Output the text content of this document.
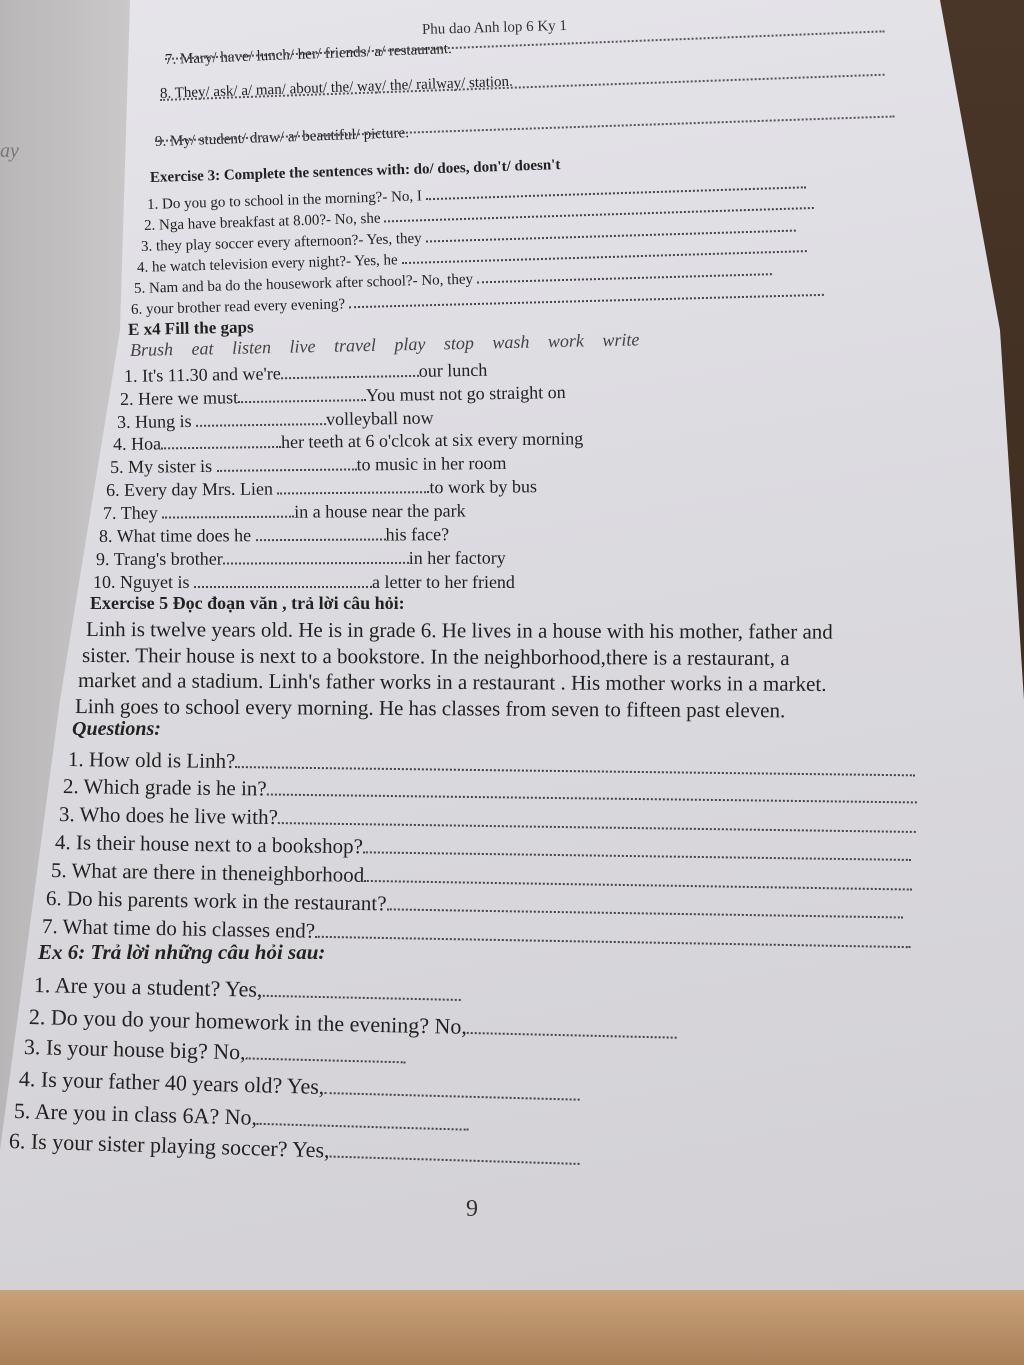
ay
Phu dao Anh lop 6 Ky 1
7. Mary/ have/ lunch/ her/ friends/ a/ restaurant.
8. They/ ask/ a/ man/ about/ the/ way/ the/ railway/ station.
9. My/ student/ draw/ a/ beautiful/ picture.
Exercise 3: Complete the sentences with: do/ does, don't/ doesn't
1. Do you go to school in the morning?- No, I
2. Nga have breakfast at 8.00?- No, she
3. they play soccer every afternoon?- Yes, they
4. he watch television every night?- Yes, he
5. Nam and ba do the housework after school?- No, they
6. your brother read every evening?
E x4 Fill the gaps
Brush eat listen live travel play stop wash work write
1. It's 11.30 and we're	our lunch
2. Here we must	You must not go straight on
3. Hung is	volleyball now
4. Hoa	her teeth at 6 o'clcok at six every morning
5. My sister is	to music in her room
6. Every day Mrs. Lien	to work by bus
7. They	in a house near the park
8. What time does he	his face?
9. Trang's brother	in her factory
10. Nguyet is	a letter to her friend
Exercise 5 Đọc đoạn văn , trả lời câu hỏi:
Linh is twelve years old. He is in grade 6. He lives in a house with his mother, father and
sister. Their house is next to a bookstore. In the neighborhood,there is a restaurant, a
market and a stadium. Linh's father works in a restaurant . His mother works in a market.
Linh goes to school every morning. He has classes from seven to fifteen past eleven.
Questions:
1. How old is Linh?
2. Which grade is he in?
3. Who does he live with?
4. Is their house next to a bookshop?
5. What are there in theneighborhood
6. Do his parents work in the restaurant?
7. What time do his classes end?
Ex 6: Trả lời những câu hỏi sau:
1. Are you a student? Yes,
2. Do you do your homework in the evening? No,
3. Is your house big? No,
4. Is your father 40 years old? Yes,
5. Are you in class 6A? No,
6. Is your sister playing soccer? Yes,
9
